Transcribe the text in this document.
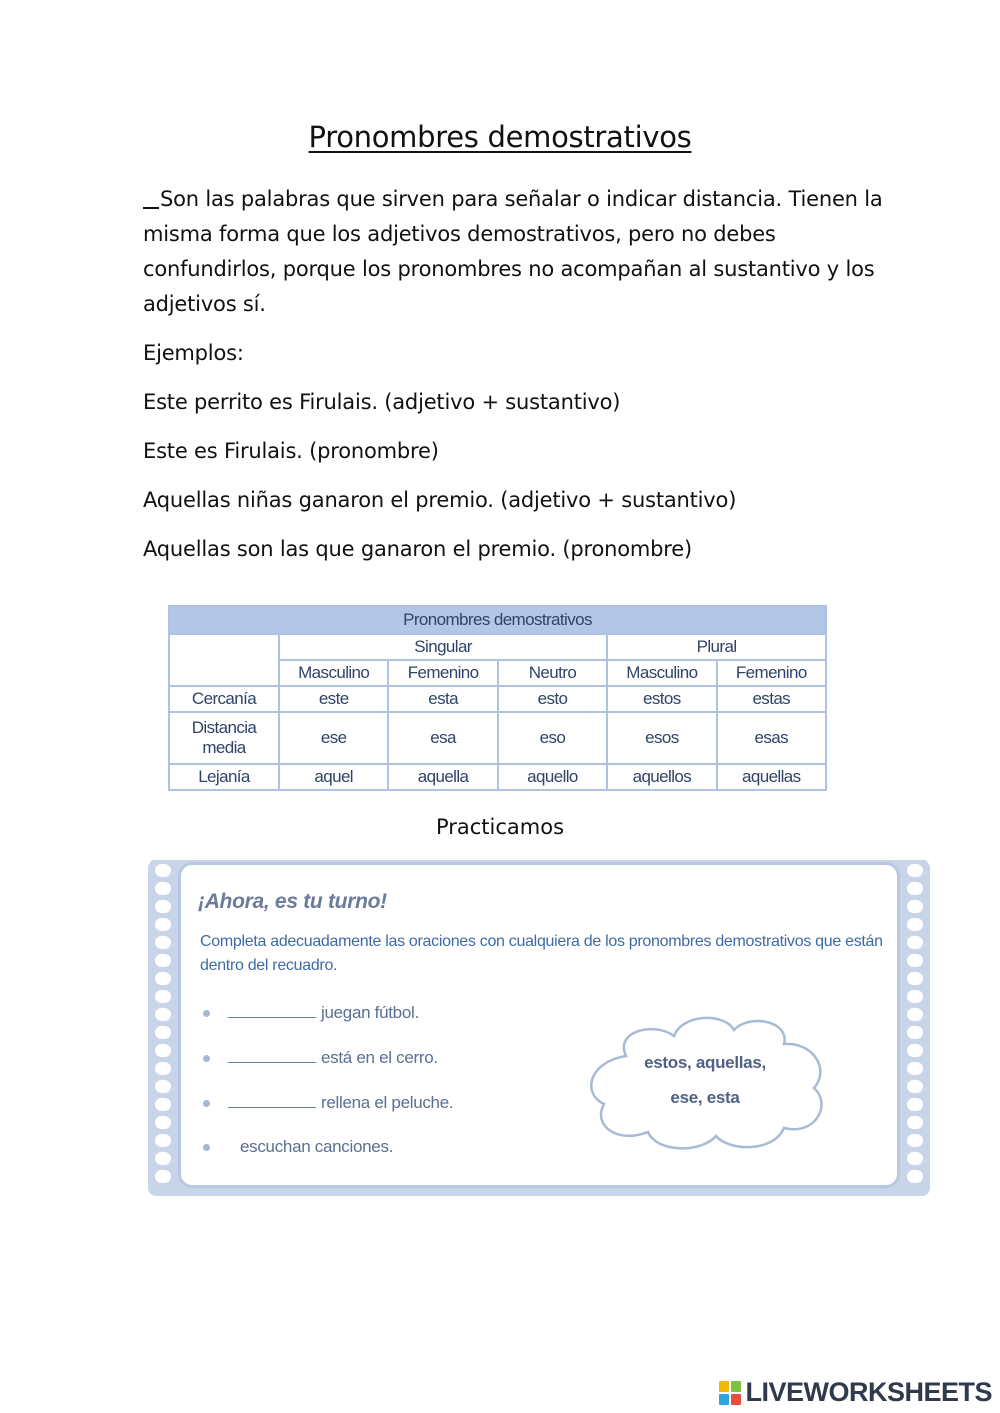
Pronombres demostrativos
Son las palabras que sirven para señalar o indicar distancia. Tienen la misma forma que los adjetivos demostrativos, pero no debes confundirlos, porque los pronombres no acompañan al sustantivo y los adjetivos sí.
Ejemplos:
Este perrito es Firulais. (adjetivo + sustantivo)
Este es Firulais. (pronombre)
Aquellas niñas ganaron el premio. (adjetivo + sustantivo)
Aquellas son las que ganaron el premio. (pronombre)
Pronombres demostrativos					
	Singular			Plural	
	Masculino	Femenino	Neutro	Masculino	Femenino
Cercanía	este	esta	esto	estos	estas
Distancia
media	ese	esa	eso	esos	esas
Lejanía	aquel	aquella	aquello	aquellos	aquellas
Practicamos
¡Ahora, es tu turno!
Completa adecuadamente las oraciones con cualquiera de los pronombres demostrativos que están dentro del recuadro.
juegan fútbol.
está en el cerro.
rellena el peluche.
escuchan canciones.
estos, aquellas,
ese, esta
LIVEWORKSHEETS
